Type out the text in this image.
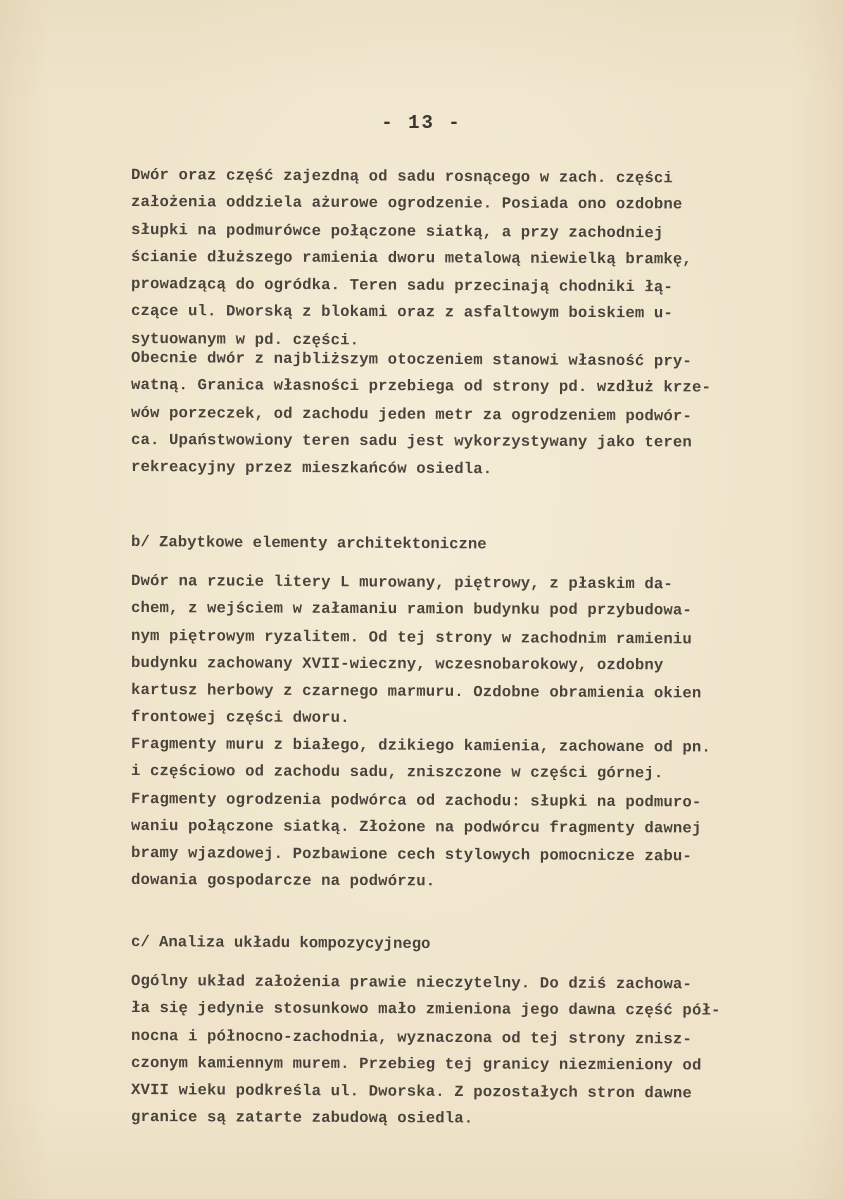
- 13 -
Dwór oraz część zajezdną od sadu rosnącego w zach. części
założenia oddziela ażurowe ogrodzenie. Posiada ono ozdobne
słupki na podmurówce połączone siatką, a przy zachodniej
ścianie dłuższego ramienia dworu metalową niewielką bramkę,
prowadzącą do ogródka. Teren sadu przecinają chodniki łą-
czące ul. Dworską z blokami oraz z asfaltowym boiskiem u-
sytuowanym w pd. części.
Obecnie dwór z najbliższym otoczeniem stanowi własność pry-
watną. Granica własności przebiega od strony pd. wzdłuż krze-
wów porzeczek, od zachodu jeden metr za ogrodzeniem podwór-
ca. Upaństwowiony teren sadu jest wykorzystywany jako teren
rekreacyjny przez mieszkańców osiedla.
b/ Zabytkowe elementy architektoniczne
Dwór na rzucie litery L murowany, piętrowy, z płaskim da-
chem, z wejściem w załamaniu ramion budynku pod przybudowa-
nym piętrowym ryzalitem. Od tej strony w zachodnim ramieniu
budynku zachowany XVII-wieczny, wczesnobarokowy, ozdobny
kartusz herbowy z czarnego marmuru. Ozdobne obramienia okien
frontowej części dworu.
Fragmenty muru z białego, dzikiego kamienia, zachowane od pn.
i częściowo od zachodu sadu, zniszczone w części górnej.
Fragmenty ogrodzenia podwórca od zachodu: słupki na podmuro-
waniu połączone siatką. Złożone na podwórcu fragmenty dawnej
bramy wjazdowej. Pozbawione cech stylowych pomocnicze zabu-
dowania gospodarcze na podwórzu.
c/ Analiza układu kompozycyjnego
Ogólny układ założenia prawie nieczytelny. Do dziś zachowa-
ła się jedynie stosunkowo mało zmieniona jego dawna część pół-
nocna i północno-zachodnia, wyznaczona od tej strony znisz-
czonym kamiennym murem. Przebieg tej granicy niezmieniony od
XVII wieku podkreśla ul. Dworska. Z pozostałych stron dawne
granice są zatarte zabudową osiedla.
